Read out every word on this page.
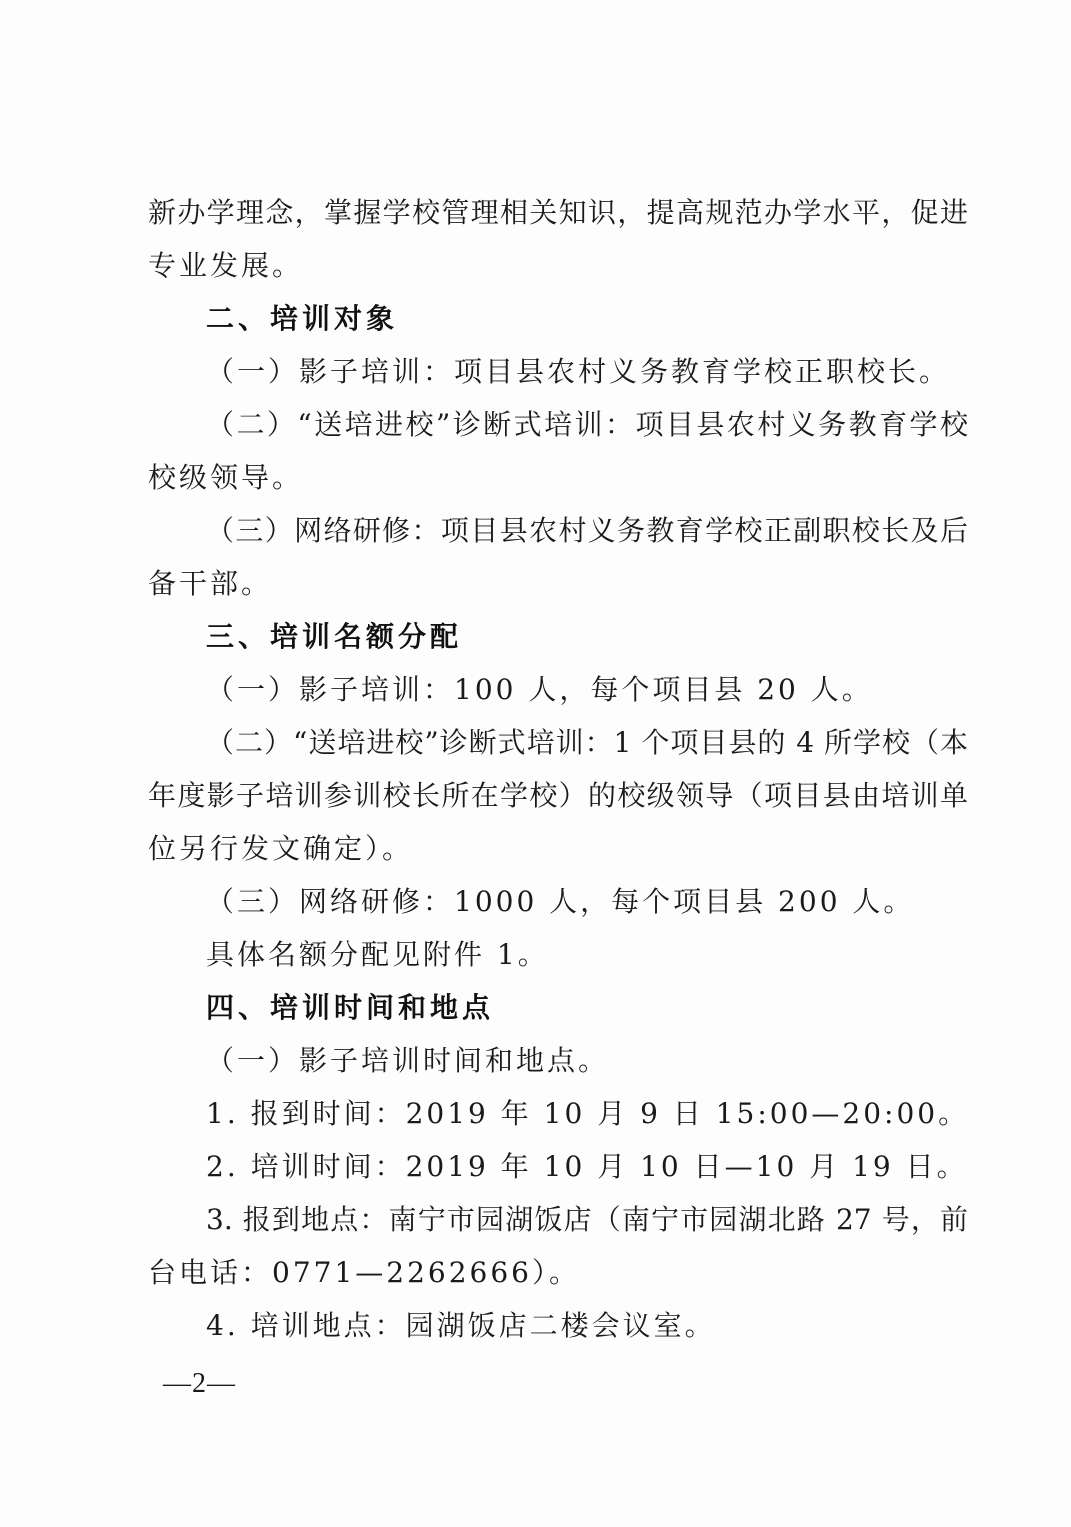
新办学理念，掌握学校管理相关知识，提高规范办学水平，促进
专业发展。
二、培训对象
（一）影子培训：项目县农村义务教育学校正职校长。
（二）“送培进校”诊断式培训：项目县农村义务教育学校
校级领导。
（三）网络研修：项目县农村义务教育学校正副职校长及后
备干部。
三、培训名额分配
（一）影子培训：100 人，每个项目县 20 人。
（二）“送培进校”诊断式培训：1 个项目县的 4 所学校（本
年度影子培训参训校长所在学校）的校级领导（项目县由培训单
位另行发文确定）。
（三）网络研修：1000 人，每个项目县 200 人。
具体名额分配见附件 1。
四、培训时间和地点
（一）影子培训时间和地点。
1. 报到时间：2019 年 10 月 9 日 15:00—20:00。
2. 培训时间：2019 年 10 月 10 日—10 月 19 日。
3. 报到地点：南宁市园湖饭店（南宁市园湖北路 27 号，前
台电话：0771—2262666）。
4. 培训地点：园湖饭店二楼会议室。
—2—
